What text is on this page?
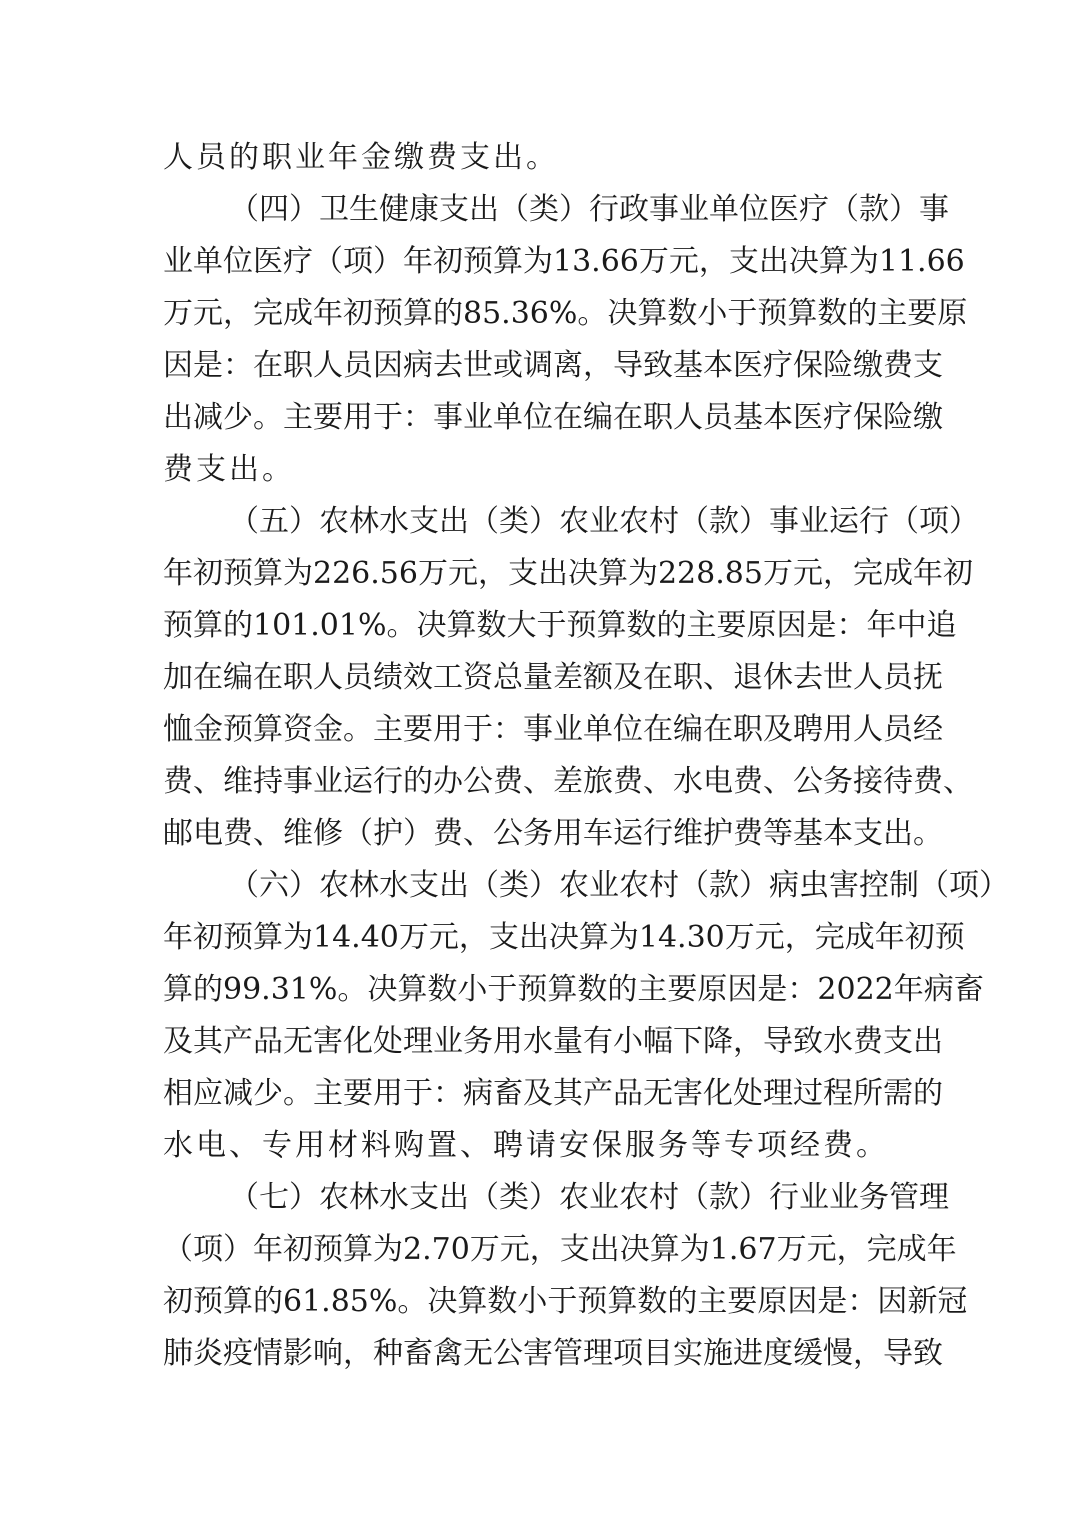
人员的职业年金缴费支出。
（四）卫生健康支出（类）行政事业单位医疗（款）事
业单位医疗（项）年初预算为13.66万元，支出决算为11.66
万元，完成年初预算的85.36%。决算数小于预算数的主要原
因是：在职人员因病去世或调离，导致基本医疗保险缴费支
出减少。主要用于：事业单位在编在职人员基本医疗保险缴
费支出。
（五）农林水支出（类）农业农村（款）事业运行（项）
年初预算为226.56万元，支出决算为228.85万元，完成年初
预算的101.01%。决算数大于预算数的主要原因是：年中追
加在编在职人员绩效工资总量差额及在职、退休去世人员抚
恤金预算资金。主要用于：事业单位在编在职及聘用人员经
费、维持事业运行的办公费、差旅费、水电费、公务接待费、
邮电费、维修（护）费、公务用车运行维护费等基本支出。
（六）农林水支出（类）农业农村（款）病虫害控制（项）
年初预算为14.40万元，支出决算为14.30万元，完成年初预
算的99.31%。决算数小于预算数的主要原因是：2022年病畜
及其产品无害化处理业务用水量有小幅下降，导致水费支出
相应减少。主要用于：病畜及其产品无害化处理过程所需的
水电、专用材料购置、聘请安保服务等专项经费。
（七）农林水支出（类）农业农村（款）行业业务管理
（项）年初预算为2.70万元，支出决算为1.67万元，完成年
初预算的61.85%。决算数小于预算数的主要原因是：因新冠
肺炎疫情影响，种畜禽无公害管理项目实施进度缓慢，导致
